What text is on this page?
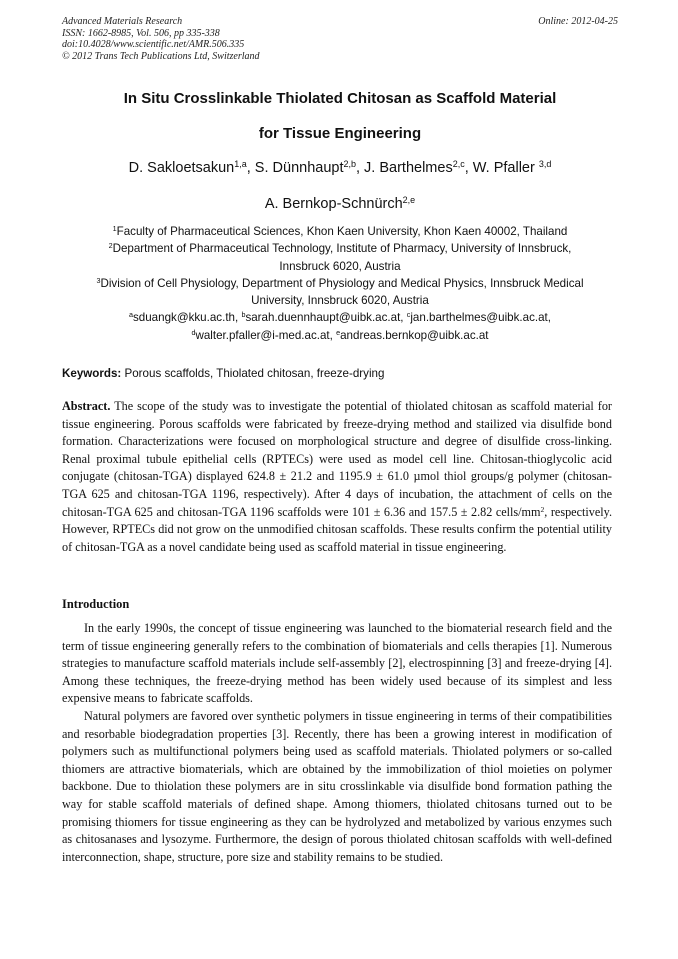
Advanced Materials Research
ISSN: 1662-8985, Vol. 506, pp 335-338
doi:10.4028/www.scientific.net/AMR.506.335
© 2012 Trans Tech Publications Ltd, Switzerland
Online: 2012-04-25
In Situ Crosslinkable Thiolated Chitosan as Scaffold Material
for Tissue Engineering
D. Sakloetsakun$^{1,a}$, S. Dünnhaupt$^{2,b}$, J. Barthelmes$^{2,c}$, W. Pfaller $^{3,d}$
A. Bernkop-Schnürch$^{2,e}$
$^1$Faculty of Pharmaceutical Sciences, Khon Kaen University, Khon Kaen 40002, Thailand
$^2$Department of Pharmaceutical Technology, Institute of Pharmacy, University of Innsbruck,
Innsbruck 6020, Austria
$^3$Division of Cell Physiology, Department of Physiology and Medical Physics, Innsbruck Medical
University, Innsbruck 6020, Austria
$^a$sduangk@kku.ac.th, $^b$sarah.duennhaupt@uibk.ac.at, $^c$jan.barthelmes@uibk.ac.at,
$^d$walter.pfaller@i-med.ac.at, $^e$andreas.bernkop@uibk.ac.at
Keywords: Porous scaffolds, Thiolated chitosan, freeze-drying
Abstract. The scope of the study was to investigate the potential of thiolated chitosan as scaffold material for tissue engineering. Porous scaffolds were fabricated by freeze-drying method and stailized via disulfide bond formation. Characterizations were focused on morphological structure and degree of disulfide cross-linking. Renal proximal tubule epithelial cells (RPTECs) were used as model cell line. Chitosan-thioglycolic acid conjugate (chitosan-TGA) displayed 624.8 ± 21.2 and 1195.9 ± 61.0 µmol thiol groups/g polymer (chitosan-TGA 625 and chitosan-TGA 1196, respectively). After 4 days of incubation, the attachment of cells on the chitosan-TGA 625 and chitosan-TGA 1196 scaffolds were 101 ± 6.36 and 157.5 ± 2.82 cells/$mm^2$, respectively. However, RPTECs did not grow on the unmodified chitosan scaffolds. These results confirm the potential utility of chitosan-TGA as a novel candidate being used as scaffold material in tissue engineering.
Introduction

In the early 1990s, the concept of tissue engineering was launched to the biomaterial research field and the term of tissue engineering generally refers to the combination of biomaterials and cells therapies [1]. Numerous strategies to manufacture scaffold materials include self-assembly [2], electrospinning [3] and freeze-drying [4]. Among these techniques, the freeze-drying method has been widely used because of its simplest and less expensive means to fabricate scaffolds.

Natural polymers are favored over synthetic polymers in tissue engineering in terms of their compatibilities and resorbable biodegradation properties [3]. Recently, there has been a growing interest in modification of polymers such as multifunctional polymers being used as scaffold materials. Thiolated polymers or so-called thiomers are attractive biomaterials, which are obtained by the immobilization of thiol moieties on polymer backbone. Due to thiolation these polymers are in situ crosslinkable via disulfide bond formation pathing the way for stable scaffold materials of defined shape. Among thiomers, thiolated chitosans turned out to be promising thiomers for tissue engineering as they can be hydrolyzed and metabolized by various enzymes such as chitosanases and lysozyme. Furthermore, the design of porous thiolated chitosan scaffolds with well-defined interconnection, shape, structure, pore size and stability remains to be studied.
